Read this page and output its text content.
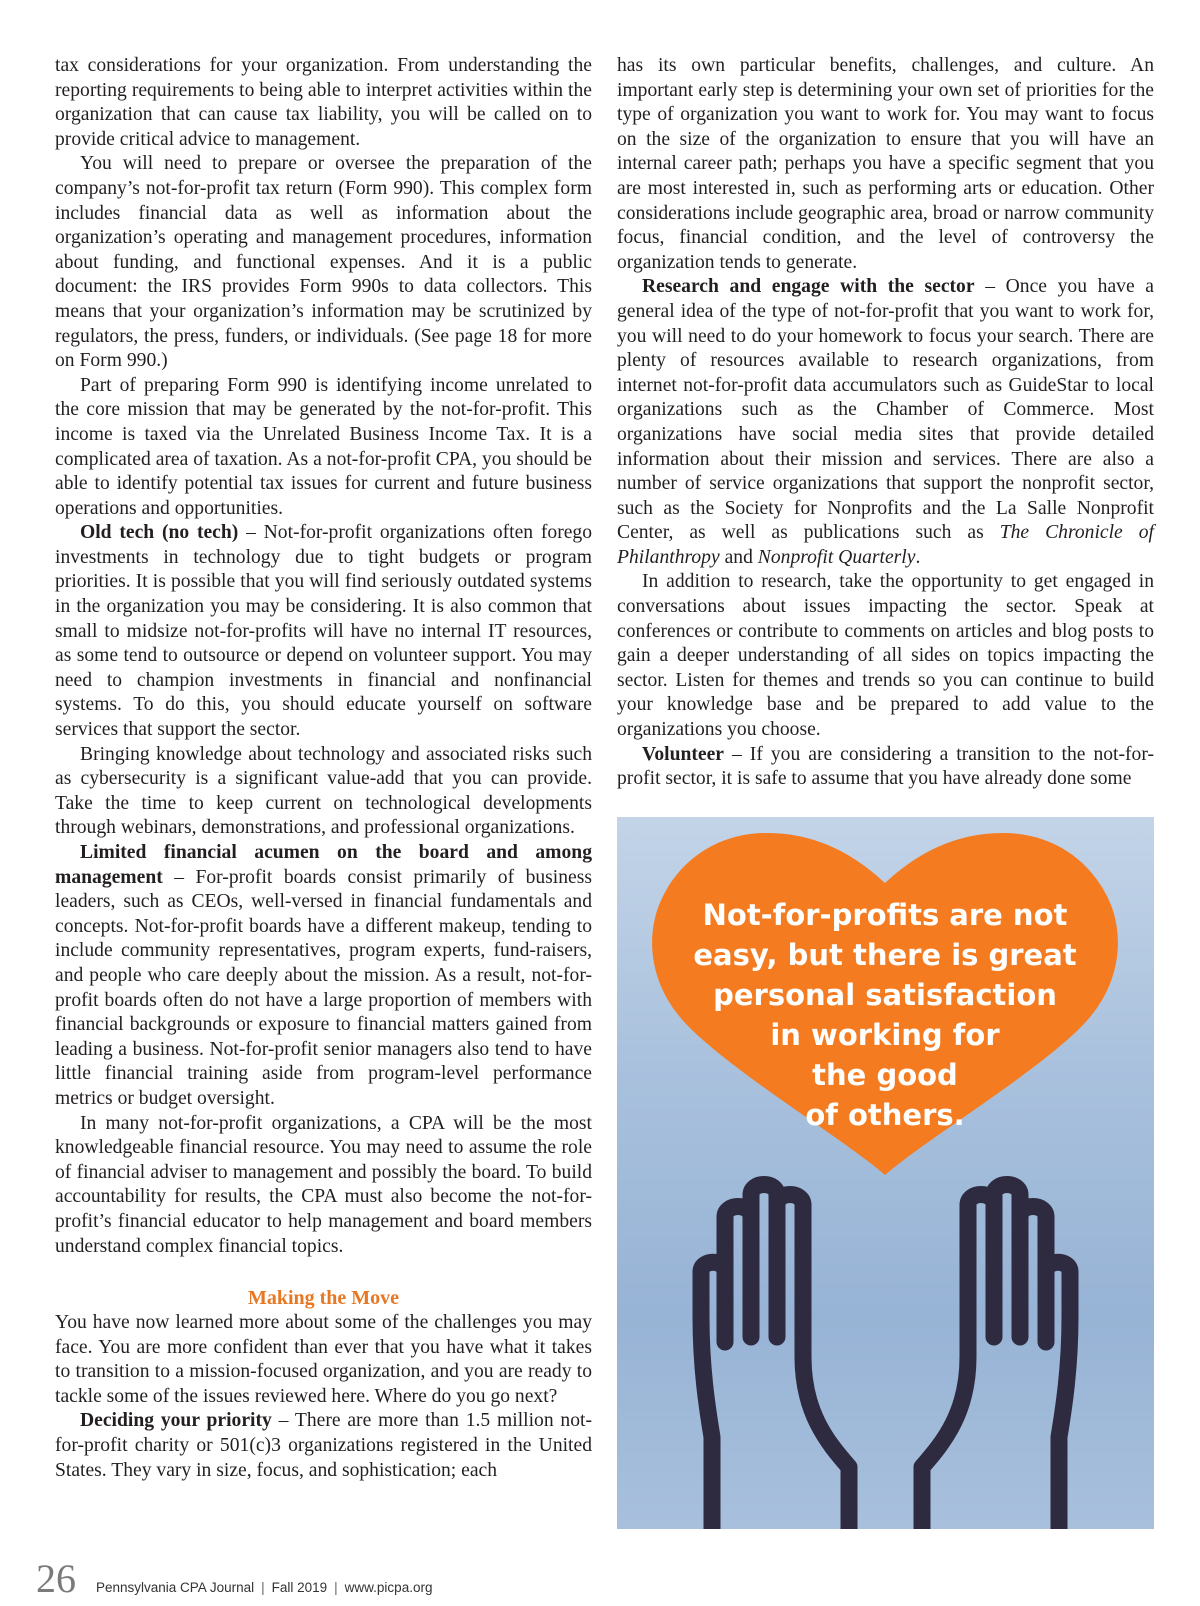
tax considerations for your organization. From understanding the reporting requirements to being able to interpret activities within the organization that can cause tax liability, you will be called on to provide critical advice to management.

You will need to prepare or oversee the preparation of the company’s not-for-profit tax return (Form 990). This complex form includes financial data as well as information about the organization’s operating and management procedures, information about funding, and functional expenses. And it is a public document: the IRS provides Form 990s to data collectors. This means that your organization’s information may be scrutinized by regulators, the press, funders, or individuals. (See page 18 for more on Form 990.)

Part of preparing Form 990 is identifying income unrelated to the core mission that may be generated by the not-for-profit. This income is taxed via the Unrelated Business Income Tax. It is a complicated area of taxation. As a not-for-profit CPA, you should be able to identify potential tax issues for current and future business operations and opportunities.

Old tech (no tech) – Not-for-profit organizations often forego investments in technology due to tight budgets or program priorities. It is possible that you will find seriously outdated systems in the organization you may be considering. It is also common that small to midsize not-for-profits will have no internal IT resources, as some tend to outsource or depend on volunteer support. You may need to champion investments in financial and nonfinancial systems. To do this, you should educate yourself on software services that support the sector.

Bringing knowledge about technology and associated risks such as cybersecurity is a significant value-add that you can provide. Take the time to keep current on technological developments through webinars, demonstrations, and professional organizations.

Limited financial acumen on the board and among management – For-profit boards consist primarily of business leaders, such as CEOs, well-versed in financial fundamentals and concepts. Not-for-profit boards have a different makeup, tending to include community representatives, program experts, fund-raisers, and people who care deeply about the mission. As a result, not-for-profit boards often do not have a large proportion of members with financial backgrounds or exposure to financial matters gained from leading a business. Not-for-profit senior managers also tend to have little financial training aside from program-level performance metrics or budget oversight.

In many not-for-profit organizations, a CPA will be the most knowledgeable financial resource. You may need to assume the role of financial adviser to management and possibly the board. To build accountability for results, the CPA must also become the not-for-profit’s financial educator to help management and board members understand complex financial topics.

Making the Move

You have now learned more about some of the challenges you may face. You are more confident than ever that you have what it takes to transition to a mission-focused organization, and you are ready to tackle some of the issues reviewed here. Where do you go next?

Deciding your priority – There are more than 1.5 million not-for-profit charity or 501(c)3 organizations registered in the United States. They vary in size, focus, and sophistication; each

has its own particular benefits, challenges, and culture. An important early step is determining your own set of priorities for the type of organization you want to work for. You may want to focus on the size of the organization to ensure that you will have an internal career path; perhaps you have a specific segment that you are most interested in, such as performing arts or education. Other considerations include geographic area, broad or narrow community focus, financial condition, and the level of controversy the organization tends to generate.

Research and engage with the sector – Once you have a general idea of the type of not-for-profit that you want to work for, you will need to do your homework to focus your search. There are plenty of resources available to research organizations, from internet not-for-profit data accumulators such as GuideStar to local organizations such as the Chamber of Commerce. Most organizations have social media sites that provide detailed information about their mission and services. There are also a number of service organizations that support the nonprofit sector, such as the Society for Nonprofits and the La Salle Nonprofit Center, as well as publications such as The Chronicle of Philanthropy and Nonprofit Quarterly.

In addition to research, take the opportunity to get engaged in conversations about issues impacting the sector. Speak at conferences or contribute to comments on articles and blog posts to gain a deeper understanding of all sides on topics impacting the sector. Listen for themes and trends so you can continue to build your knowledge base and be prepared to add value to the organizations you choose.

Volunteer – If you are considering a transition to the not-for-profit sector, it is safe to assume that you have already done some

Not-for-profits are not
easy, but there is great
personal satisfaction
in working for
the good
of others.

26 Pennsylvania CPA Journal | Fall 2019 | www.picpa.org
